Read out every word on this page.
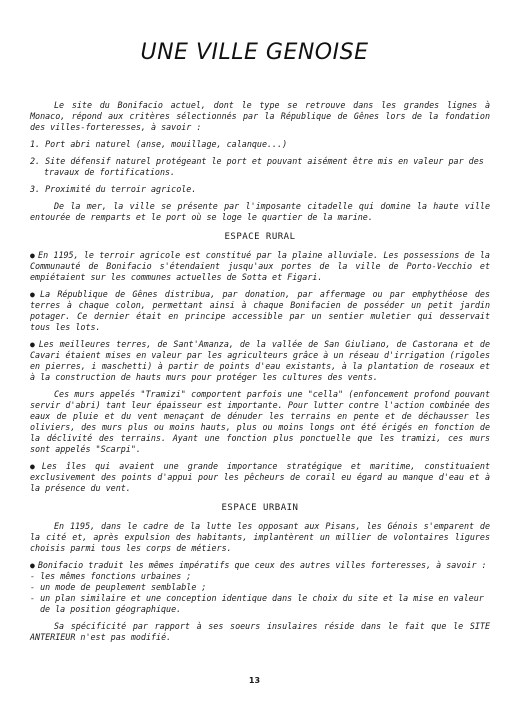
UNE VILLE GENOISE

Le site du Bonifacio actuel, dont le type se retrouve dans les grandes lignes à Monaco, répond aux critères sélectionnés par la République de Gênes lors de la fondation des villes-forteresses, à savoir :

1. Port abri naturel (anse, mouillage, calanque...)

2. Site défensif naturel protégeant le port et pouvant aisément être mis en valeur par des travaux de fortifications.

3. Proximité du terroir agricole.

De la mer, la ville se présente par l'imposante citadelle qui domine la haute ville entourée de remparts et le port où se loge le quartier de la marine.

ESPACE RURAL

● En 1195, le terroir agricole est constitué par la plaine alluviale. Les possessions de la Communauté de Bonifacio s'étendaient jusqu'aux portes de la ville de Porto-Vecchio et empiétaient sur les communes actuelles de Sotta et Figari.

● La République de Gênes distribua, par donation, par affermage ou par emphythéose des terres à chaque colon, permettant ainsi à chaque Bonifacien de posséder un petit jardin potager. Ce dernier était en principe accessible par un sentier muletier qui desservait tous les lots.

● Les meilleures terres, de Sant'Amanza, de la vallée de San Giuliano, de Castorana et de Cavari étaient mises en valeur par les agriculteurs grâce à un réseau d'irrigation (rigoles en pierres, i maschetti) à partir de points d'eau existants, à la plantation de roseaux et à la construction de hauts murs pour protéger les cultures des vents.

Ces murs appelés "Tramizi" comportent parfois une "cella" (enfoncement profond pouvant servir d'abri) tant leur épaisseur est importante. Pour lutter contre l'action combinée des eaux de pluie et du vent menaçant de dénuder les terrains en pente et de déchausser les oliviers, des murs plus ou moins hauts, plus ou moins longs ont été érigés en fonction de la déclivité des terrains. Ayant une fonction plus ponctuelle que les tramizi, ces murs sont appelés "Scarpi".

● Les îles qui avaient une grande importance stratégique et maritime, constituaient exclusivement des points d'appui pour les pêcheurs de corail eu égard au manque d'eau et à la présence du vent.

ESPACE URBAIN

En 1195, dans le cadre de la lutte les opposant aux Pisans, les Génois s'emparent de la cité et, après expulsion des habitants, implantèrent un millier de volontaires ligures choisis parmi tous les corps de métiers.

● Bonifacio traduit les mêmes impératifs que ceux des autres villes forteresses, à savoir :

- les mêmes fonctions urbaines ;

- un mode de peuplement semblable ;

- un plan similaire et une conception identique dans le choix du site et la mise en valeur de la position géographique.

Sa spécificité par rapport à ses soeurs insulaires réside dans le fait que le SITE ANTERIEUR n'est pas modifié.

13
